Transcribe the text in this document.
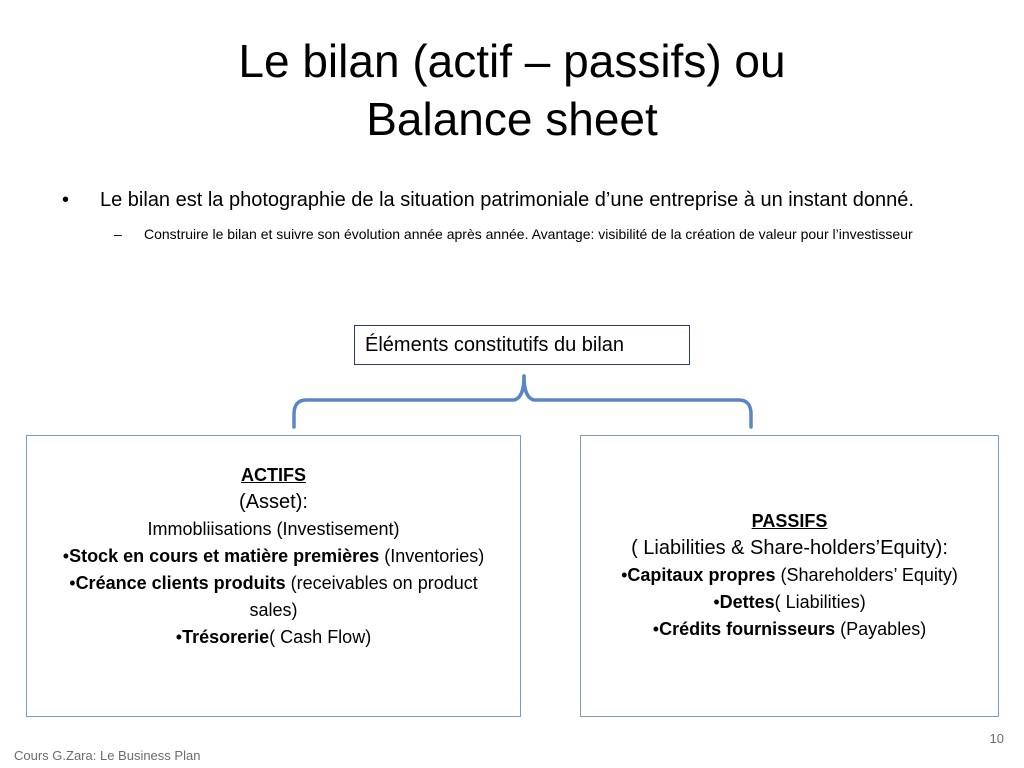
Le bilan (actif – passifs) ou
Balance sheet
• Le bilan est la photographie de la situation patrimoniale d’une entreprise à un instant donné.
– Construire le bilan et suivre son évolution année après année. Avantage: visibilité de la création de valeur pour l’investisseur
Éléments constitutifs du bilan
ACTIFS
(Asset):
Immobliisations (Investisement)
•Stock en cours et matière premières (Inventories)
•Créance clients produits (receivables on product sales)
•Trésorerie( Cash Flow)
PASSIFS
( Liabilities & Share-holders’Equity):
•Capitaux propres (Shareholders’ Equity)
•Dettes( Liabilities)
•Crédits fournisseurs (Payables)
Cours G.Zara: Le Business Plan
10
